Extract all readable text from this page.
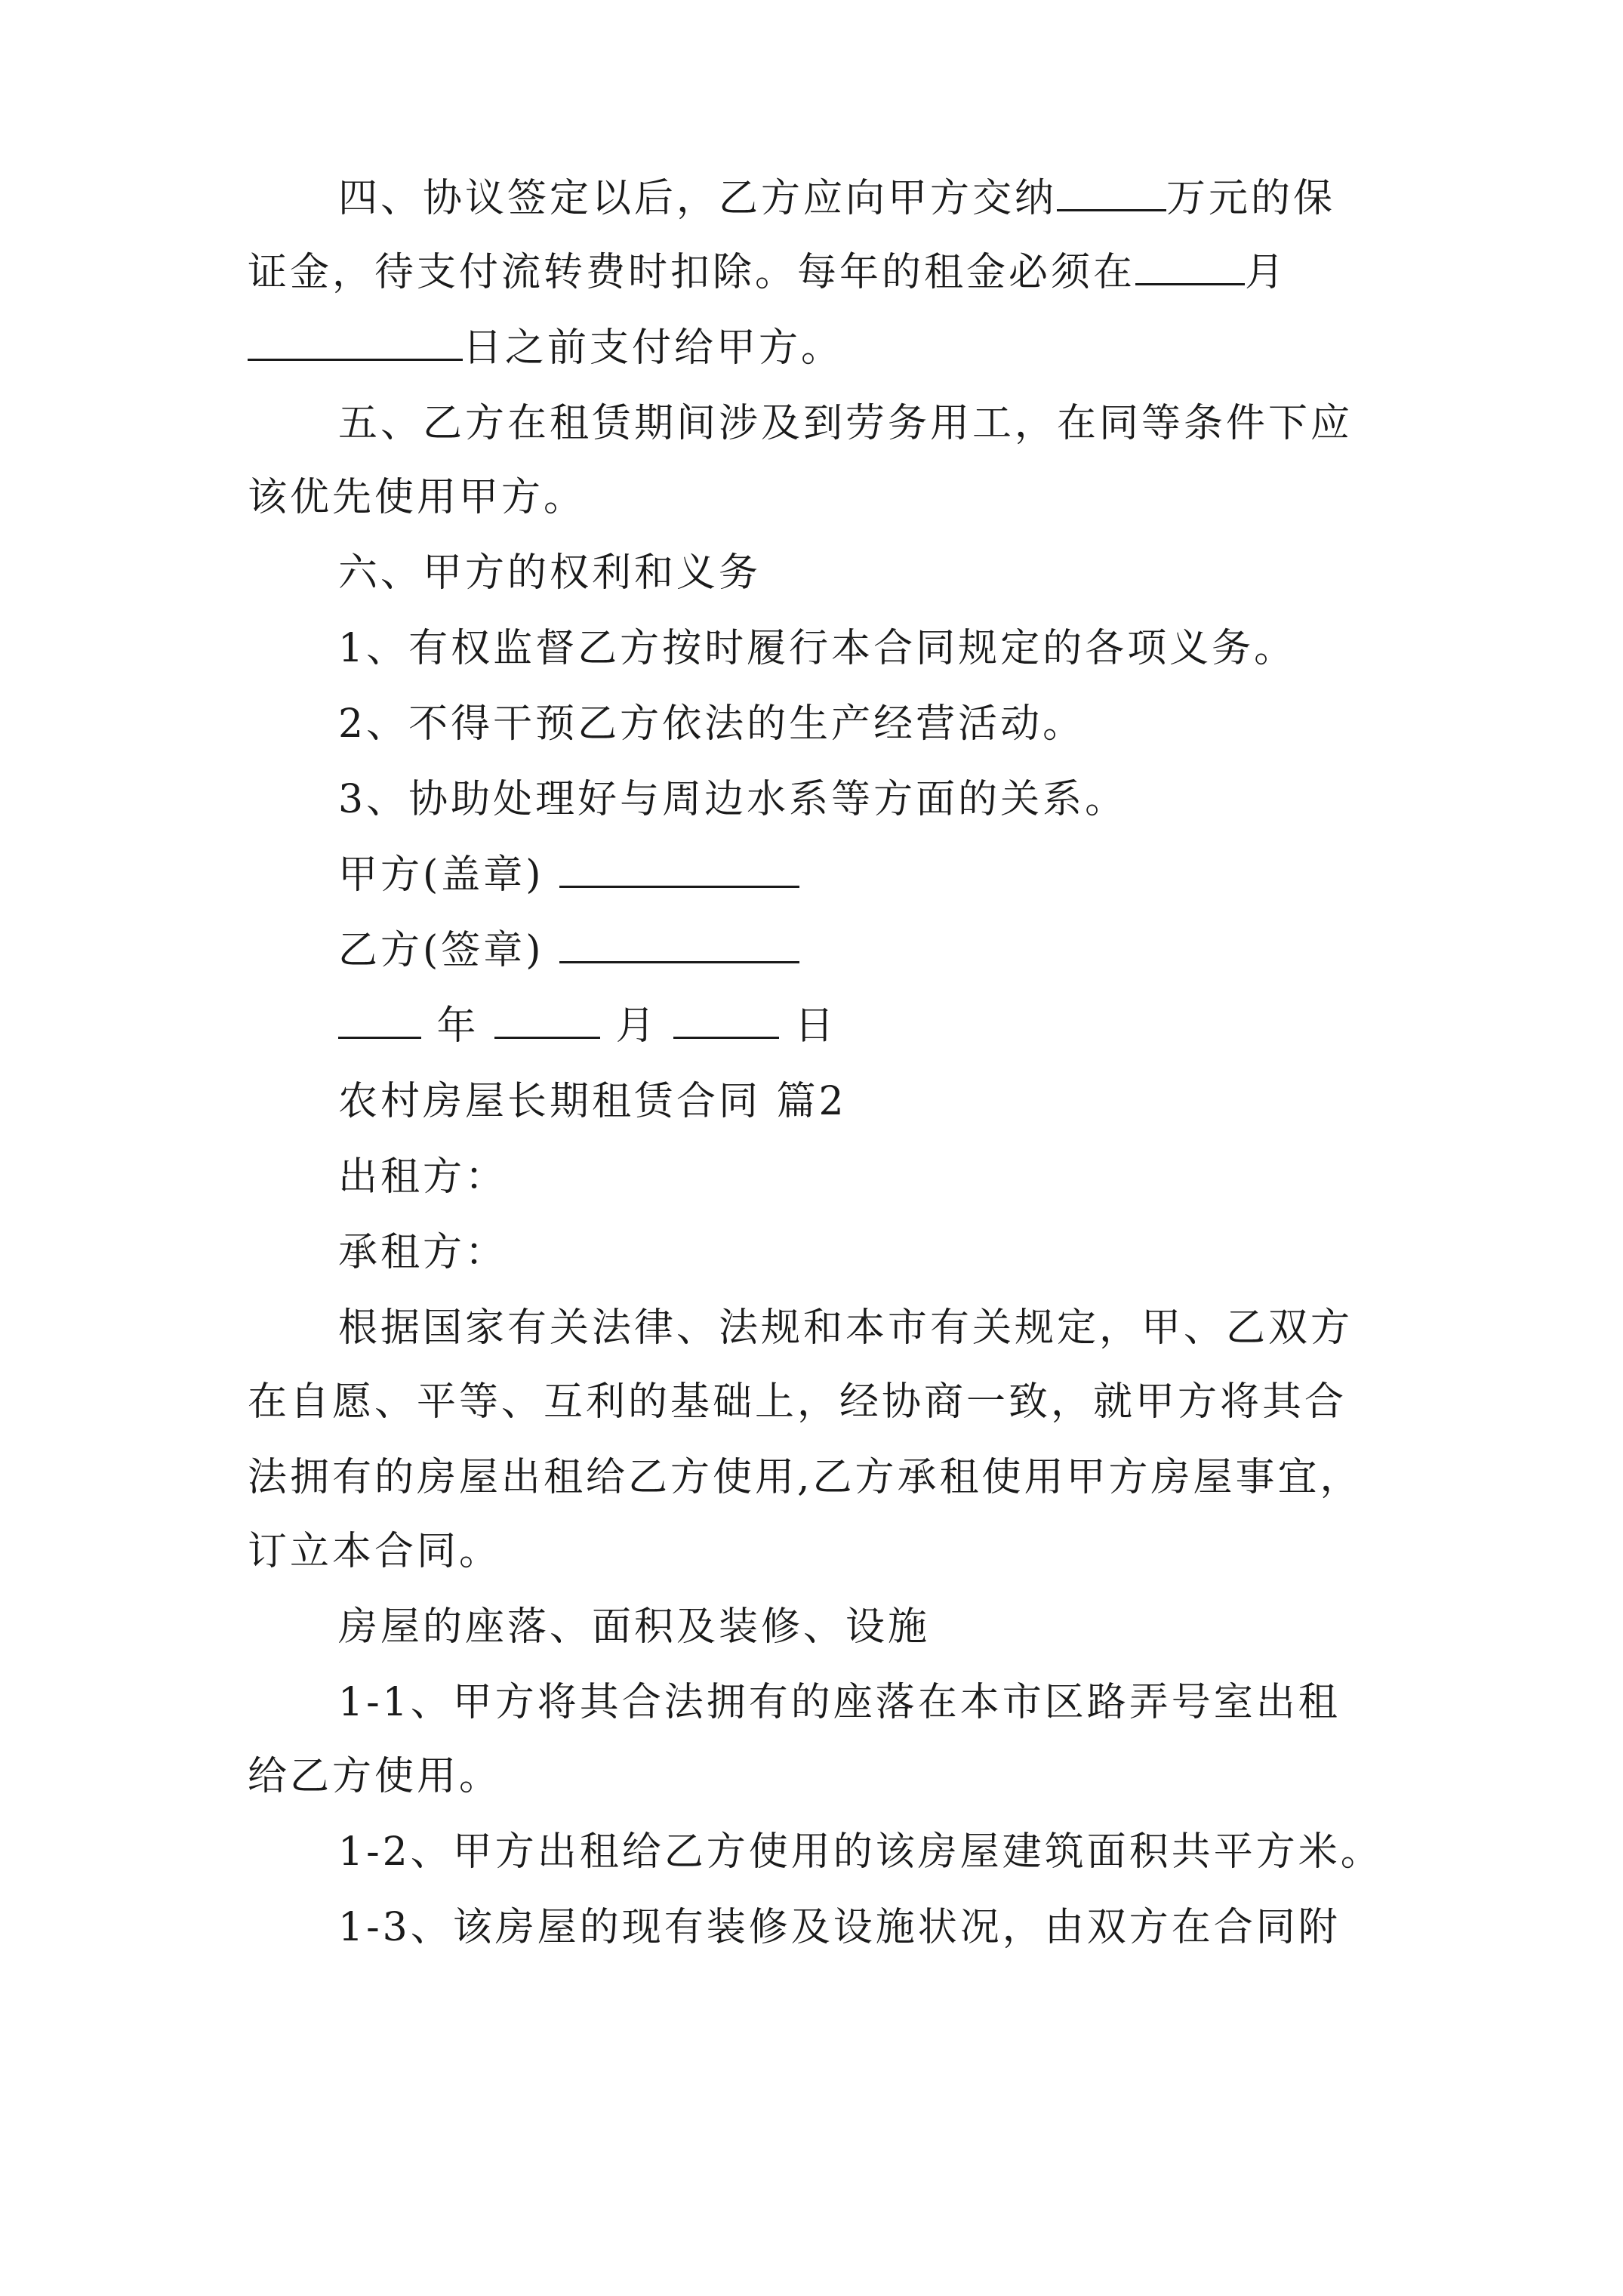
四、协议签定以后，乙方应向甲方交纳	万元的保
证金，待支付流转费时扣除。每年的租金必须在	月
日之前支付给甲方。
五、乙方在租赁期间涉及到劳务用工，在同等条件下应
该优先使用甲方。
六、甲方的权利和义务
1、有权监督乙方按时履行本合同规定的各项义务。
2、不得干预乙方依法的生产经营活动。
3、协助处理好与周边水系等方面的关系。
甲方(盖章)
乙方(签章)
年	月	日
农村房屋长期租赁合同 篇2
出租方：
承租方：
根据国家有关法律、法规和本市有关规定，甲、乙双方
在自愿、平等、互利的基础上，经协商一致，就甲方将其合
法拥有的房屋出租给乙方使用,乙方承租使用甲方房屋事宜，
订立本合同。
房屋的座落、面积及装修、设施
1-1、甲方将其合法拥有的座落在本市区路弄号室出租
给乙方使用。
1-2、甲方出租给乙方使用的该房屋建筑面积共平方米。
1-3、该房屋的现有装修及设施状况，由双方在合同附
